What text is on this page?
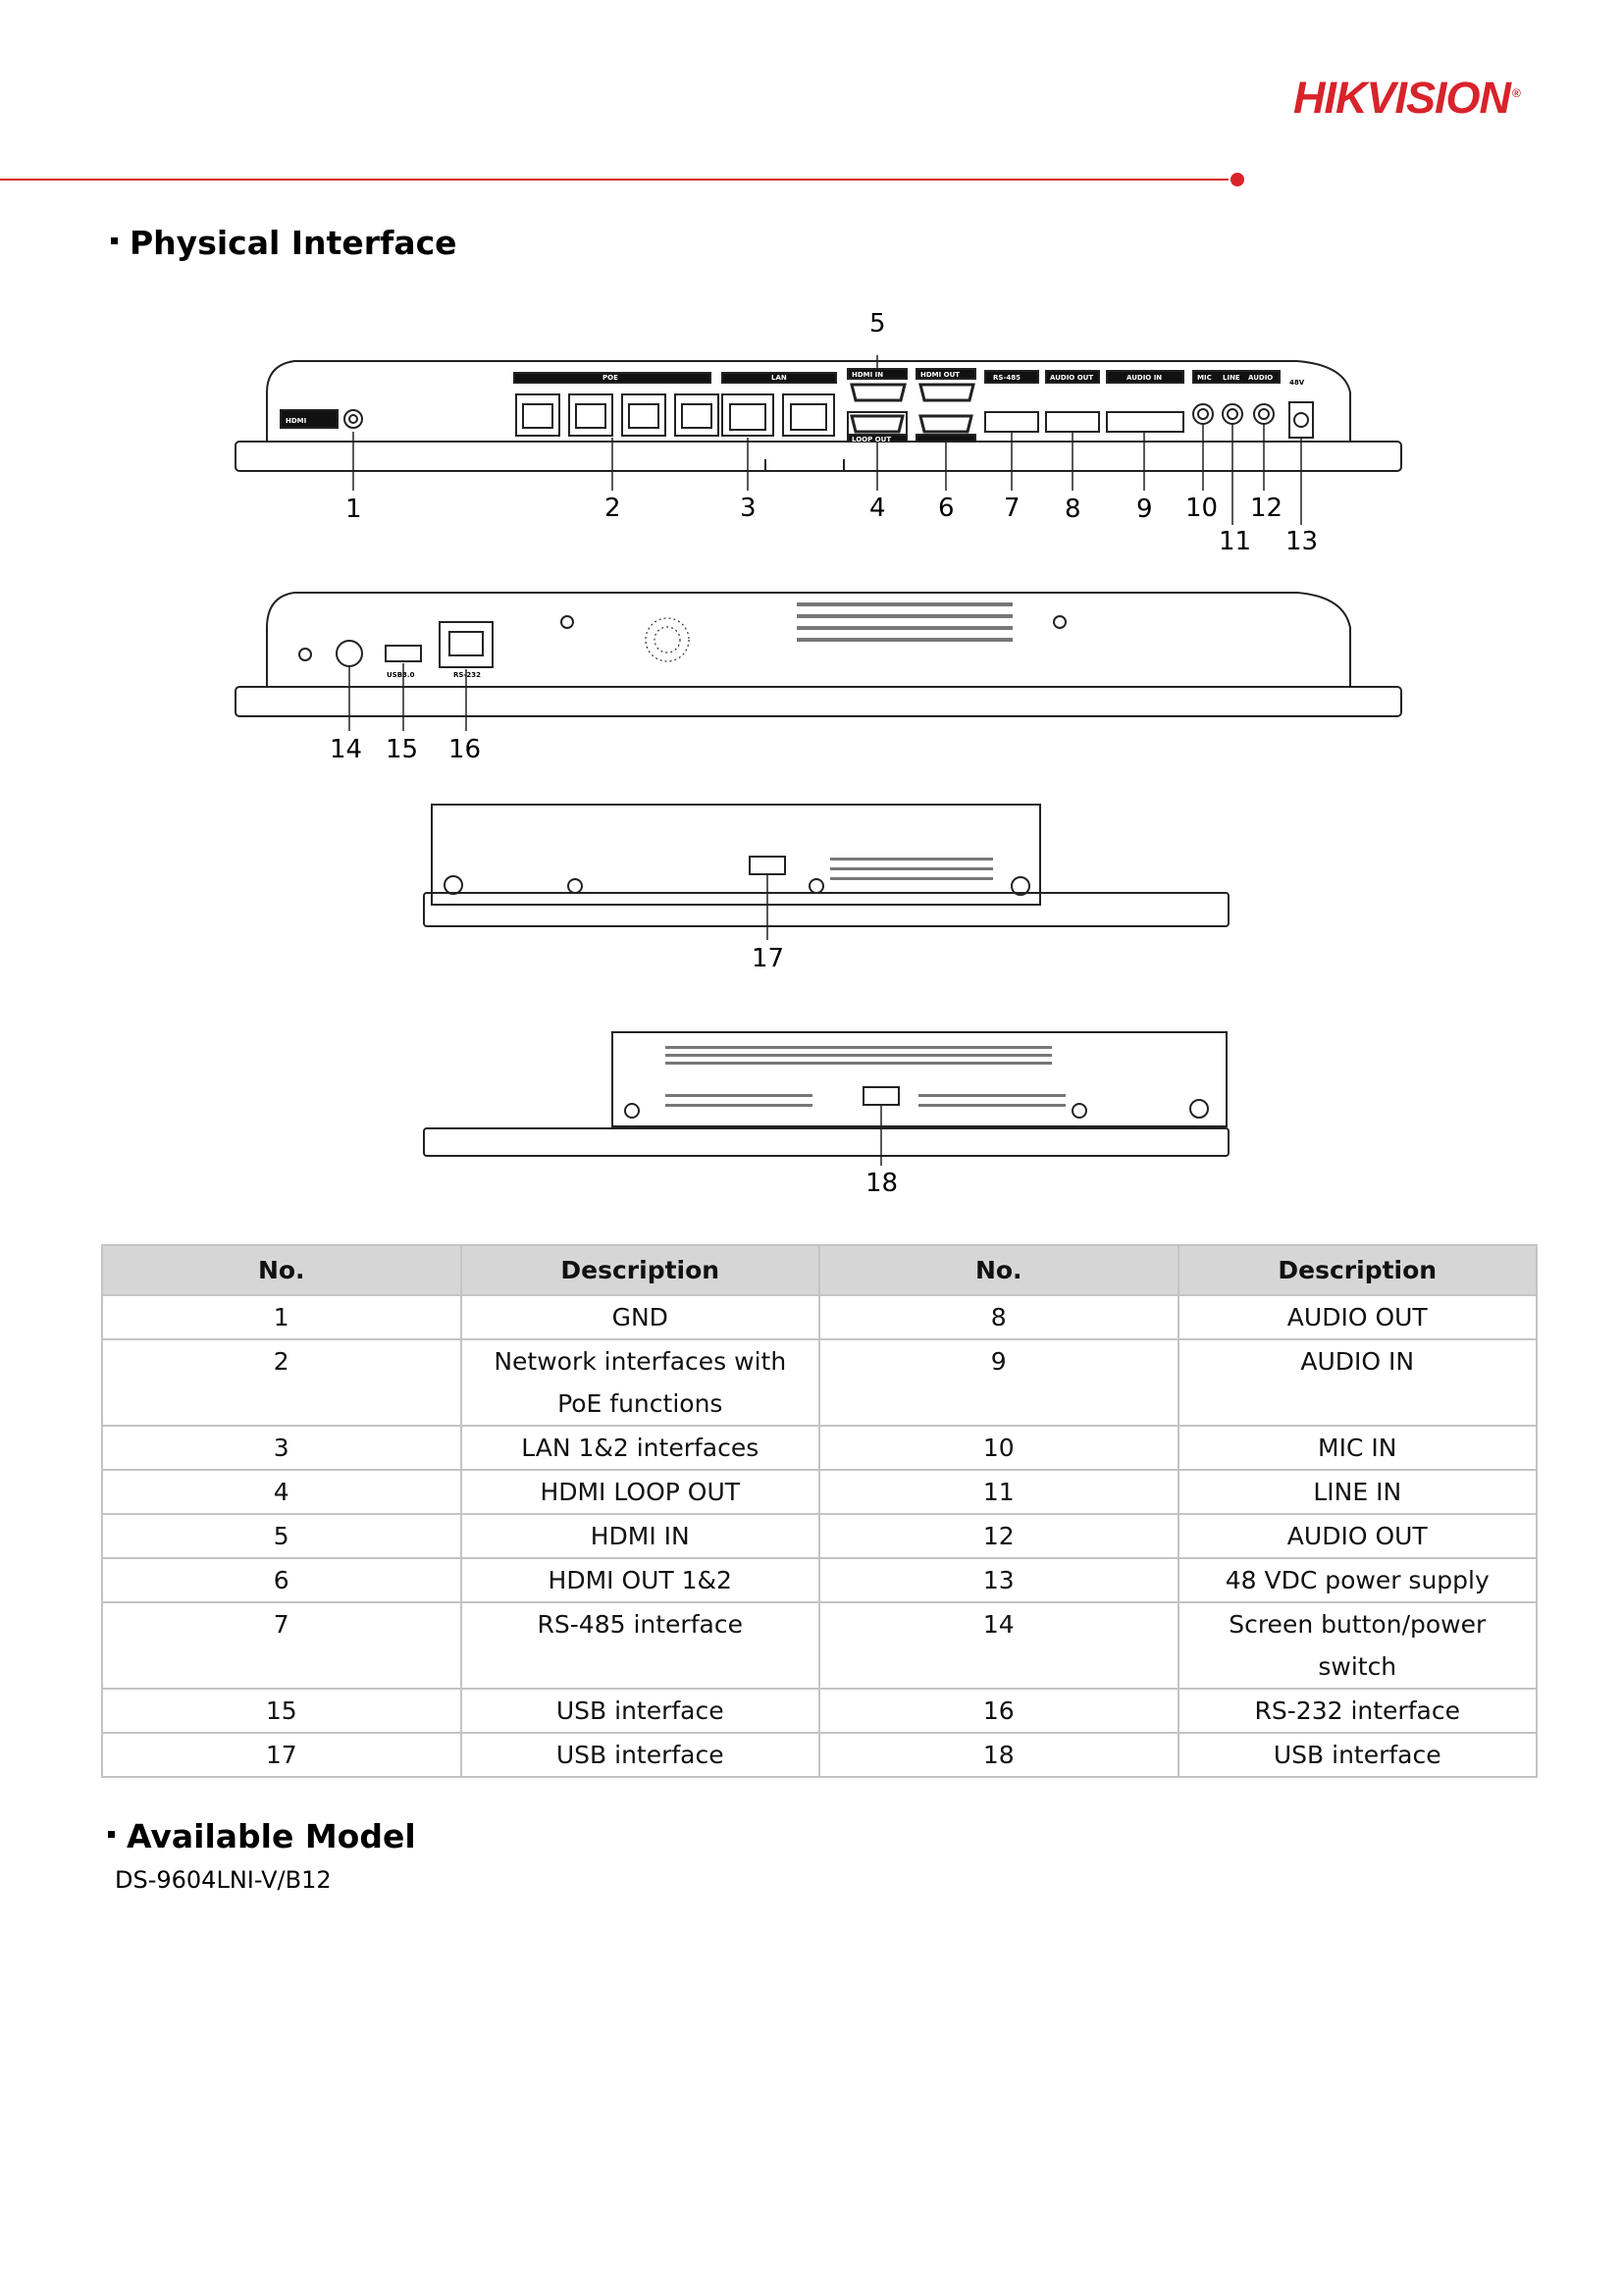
HIKVISION ®
Physical Interface
POE	LAN	HDMI IN	HDMI OUT
LOOP OUT
RS-485	AUDIO OUT	AUDIO IN	MIC LINE AUDIO
48V
HDMI
USB3.0	RS-232
1	2	3	4
5
6 7 8 9 10
11
12
13
14 15 16
17
18
No.	Description	No.	Description
1	GND	8	AUDIO OUT
2	Network interfaces with PoE functions	9	AUDIO IN
3	LAN 1&2 interfaces	10	MIC IN
4	HDMI LOOP OUT	11	LINE IN
5	HDMI IN	12	AUDIO OUT
6	HDMI OUT 1&2	13	48 VDC power supply
7	RS-485 interface	14	Screen button/power switch
15	USB interface	16	RS-232 interface
17	USB interface	18	USB interface
Available Model
DS-9604LNI-V/B12
